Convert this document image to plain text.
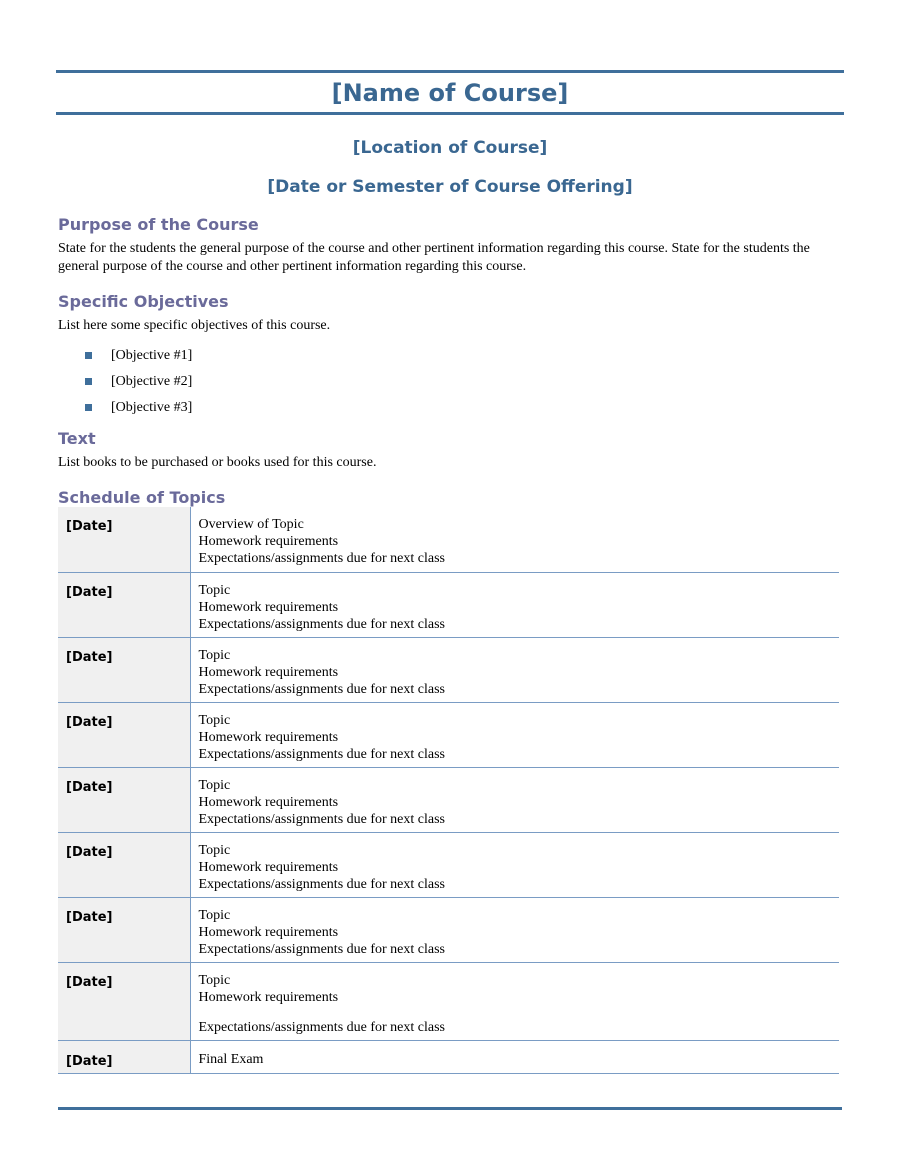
[Name of Course]
[Location of Course]
[Date or Semester of Course Offering]
Purpose of the Course
State for the students the general purpose of the course and other pertinent information regarding this course. State for the students the general purpose of the course and other pertinent information regarding this course.
Specific Objectives
List here some specific objectives of this course.
[Objective #1]
[Objective #2]
[Objective #3]
Text
List books to be purchased or books used for this course.
Schedule of Topics
[Date]	Overview of Topic
Homework requirements
Expectations/assignments due for next class

[Date]	Topic
Homework requirements
Expectations/assignments due for next class

[Date]	Topic
Homework requirements
Expectations/assignments due for next class

[Date]	Topic
Homework requirements
Expectations/assignments due for next class

[Date]	Topic
Homework requirements
Expectations/assignments due for next class

[Date]	Topic
Homework requirements
Expectations/assignments due for next class

[Date]	Topic
Homework requirements
Expectations/assignments due for next class

[Date]	Topic
Homework requirements
Expectations/assignments due for next class

[Date]	Final Exam
